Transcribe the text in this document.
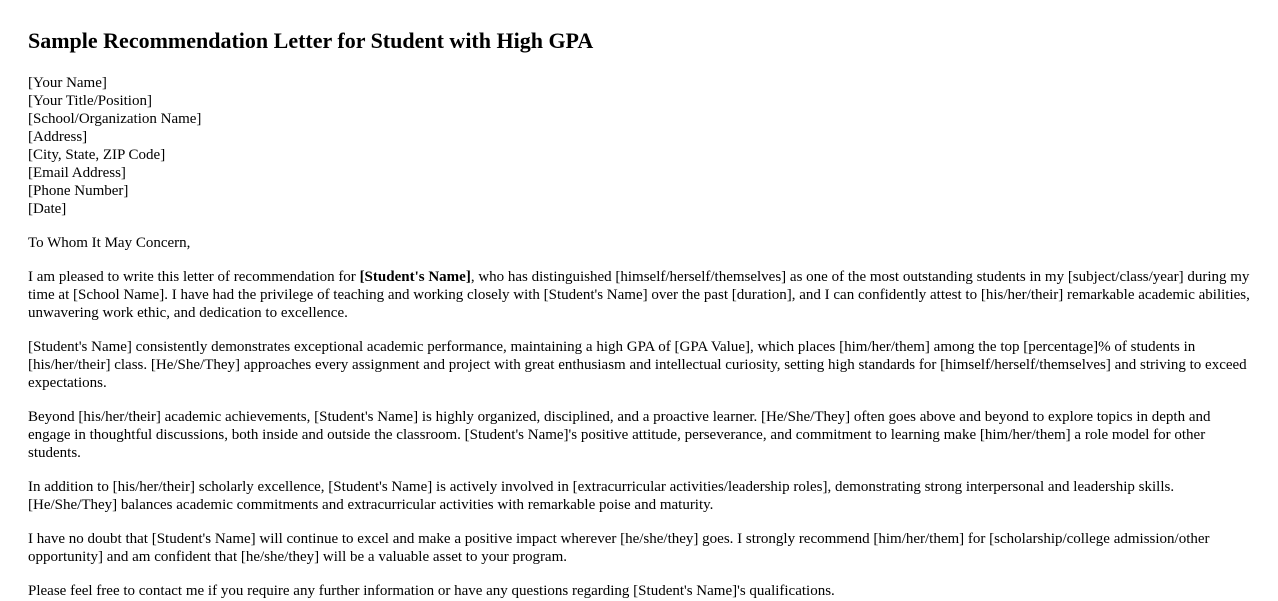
Sample Recommendation Letter for Student with High GPA
[Your Name]
[Your Title/Position]
[School/Organization Name]
[Address]
[City, State, ZIP Code]
[Email Address]
[Phone Number]
[Date]

To Whom It May Concern,

I am pleased to write this letter of recommendation for [Student's Name], who has distinguished [himself/herself/themselves] as one of the most outstanding students in my [subject/class/year] during my time at [School Name]. I have had the privilege of teaching and working closely with [Student's Name] over the past [duration], and I can confidently attest to [his/her/their] remarkable academic abilities, unwavering work ethic, and dedication to excellence.

[Student's Name] consistently demonstrates exceptional academic performance, maintaining a high GPA of [GPA Value], which places [him/her/them] among the top [percentage]% of students in [his/her/their] class. [He/She/They] approaches every assignment and project with great enthusiasm and intellectual curiosity, setting high standards for [himself/herself/themselves] and striving to exceed expectations.

Beyond [his/her/their] academic achievements, [Student's Name] is highly organized, disciplined, and a proactive learner. [He/She/They] often goes above and beyond to explore topics in depth and engage in thoughtful discussions, both inside and outside the classroom. [Student's Name]'s positive attitude, perseverance, and commitment to learning make [him/her/them] a role model for other students.

In addition to [his/her/their] scholarly excellence, [Student's Name] is actively involved in [extracurricular activities/leadership roles], demonstrating strong interpersonal and leadership skills. [He/She/They] balances academic commitments and extracurricular activities with remarkable poise and maturity.

I have no doubt that [Student's Name] will continue to excel and make a positive impact wherever [he/she/they] goes. I strongly recommend [him/her/them] for [scholarship/college admission/other opportunity] and am confident that [he/she/they] will be a valuable asset to your program.

Please feel free to contact me if you require any further information or have any questions regarding [Student's Name]'s qualifications.
